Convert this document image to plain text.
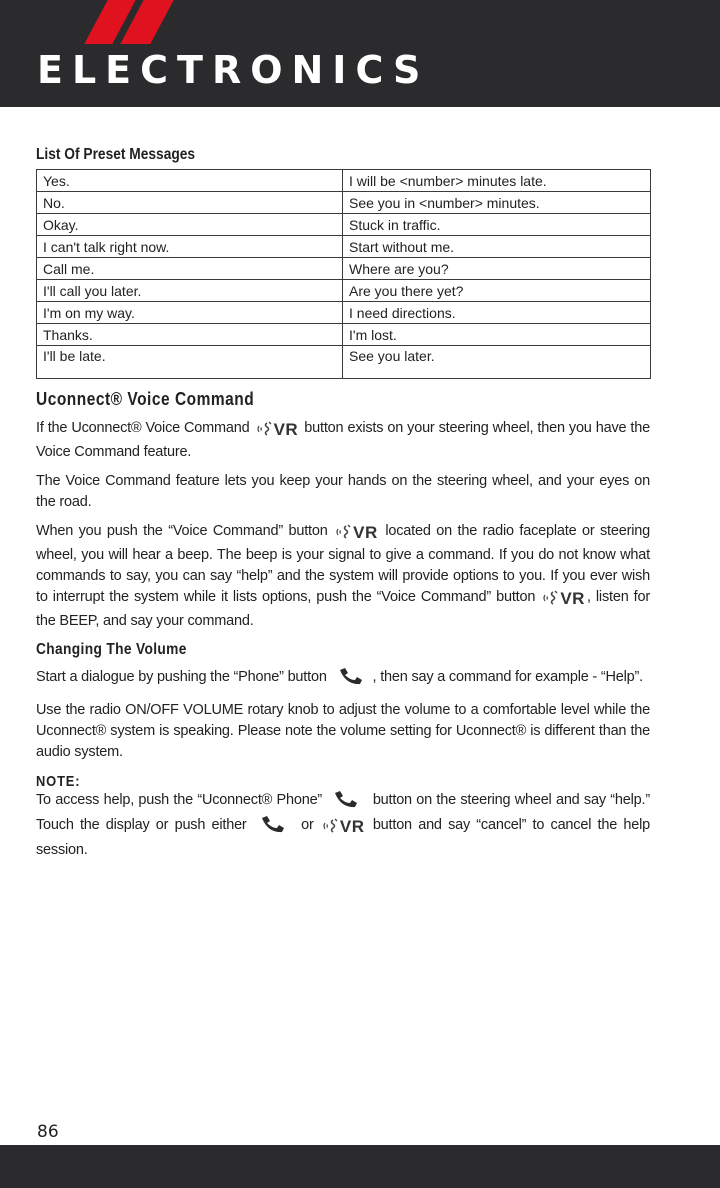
ELECTRONICS
List Of Preset Messages
Yes.	I will be <number> minutes late.
No.	See you in <number> minutes.
Okay.	Stuck in traffic.
I can't talk right now.	Start without me.
Call me.	Where are you?
I'll call you later.	Are you there yet?
I'm on my way.	I need directions.
Thanks.	I'm lost.
I'll be late.	See you later.
Uconnect® Voice Command

If the Uconnect® Voice Command VR button exists on your steering wheel, then you have the Voice Command feature.

The Voice Command feature lets you keep your hands on the steering wheel, and your eyes on the road.

When you push the “Voice Command” button VR located on the radio faceplate or steering wheel, you will hear a beep. The beep is your signal to give a command. If you do not know what commands to say, you can say “help” and the system will provide options to you. If you ever wish to interrupt the system while it lists options, push the “Voice Command” button VR , listen for the BEEP, and say your command.

Changing The Volume

Start a dialogue by pushing the “Phone” button	, then say a command for example - “Help”.

Use the radio ON/OFF VOLUME rotary knob to adjust the volume to a comfortable level while the Uconnect® system is speaking. Please note the volume setting for Uconnect® is different than the audio system.

NOTE:

To access help, push the “Uconnect® Phone”	button on the steering wheel and say “help.” Touch the display or push either	or VR button and say “cancel” to cancel the help session.

86
